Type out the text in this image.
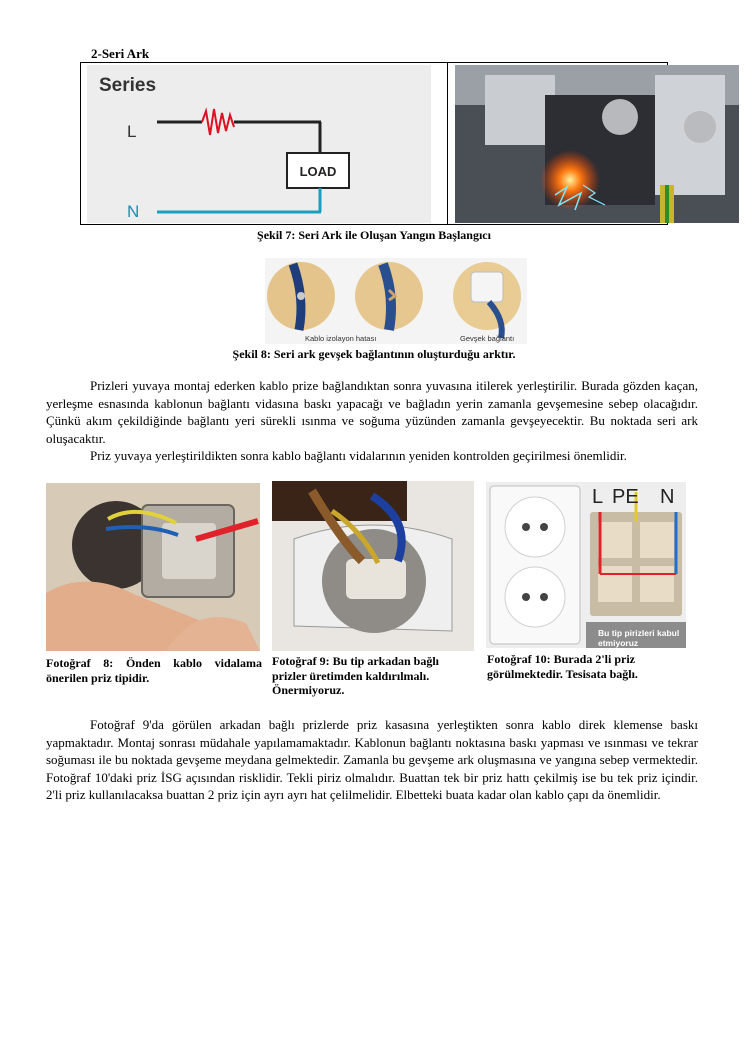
2-Seri Ark
Series
L
N
LOAD
Şekil 7: Seri Ark ile Oluşan Yangın Başlangıcı
Kablo izolayon hatası	Gevşek bağlantı
Şekil 8: Seri ark gevşek bağlantının oluşturduğu arktır.
Prizleri yuvaya montaj ederken kablo prize bağlandıktan sonra yuvasına itilerek yerleştirilir. Burada gözden kaçan, yerleşme esnasında kablonun bağlantı vidasına baskı yapacağı ve bağladın yerin zamanla gevşemesine sebep olacağıdır. Çünkü akım çekildiğinde bağlantı yeri sürekli ısınma ve soğuma yüzünden zamanla gevşeyecektir. Bu noktada seri ark oluşacaktır.
Priz yuvaya yerleştirildikten sonra kablo bağlantı vidalarının yeniden kontrolden geçirilmesi önemlidir.
L PE N
Bu tip pirizleri kabul
etmiyoruz
Fotoğraf 8: Önden kablo vidalama önerilen priz tipidir.
Fotoğraf 9: Bu tip arkadan bağlı prizler üretimden kaldırılmalı. Önermiyoruz.
Fotoğraf 10: Burada 2'li priz görülmektedir. Tesisata bağlı.
Fotoğraf 9'da görülen arkadan bağlı prizlerde priz kasasına yerleştikten sonra kablo direk klemense baskı yapmaktadır. Montaj sonrası müdahale yapılamamaktadır. Kablonun bağlantı noktasına baskı yapması ve ısınması ve tekrar soğuması ile bu noktada gevşeme meydana gelmektedir. Zamanla bu gevşeme ark oluşmasına ve yangına sebep vermektedir. Fotoğraf 10'daki priz İSG açısından risklidir. Tekli piriz olmalıdır. Buattan tek bir priz hattı çekilmiş ise bu tek priz içindir. 2'li priz kullanılacaksa buattan 2 priz için ayrı ayrı hat çelilmelidir. Elbetteki buata kadar olan kablo çapı da önemlidir.
